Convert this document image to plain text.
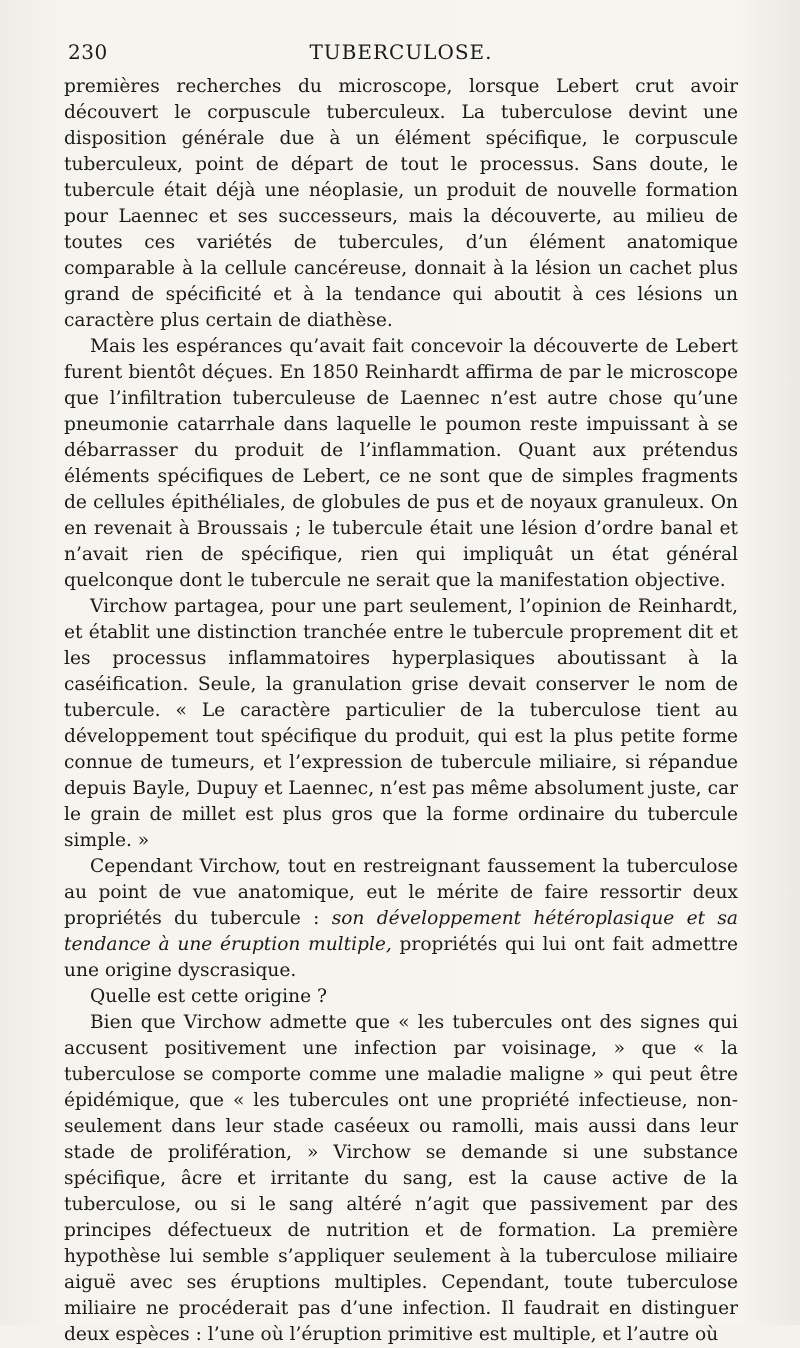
230	TUBERCULOSE.

premières recherches du microscope, lorsque Lebert crut avoir découvert le corpuscule tuberculeux. La tuberculose devint une disposition générale due à un élément spécifique, le corpuscule tuberculeux, point de départ de tout le processus. Sans doute, le tubercule était déjà une néoplasie, un produit de nouvelle formation pour Laennec et ses successeurs, mais la découverte, au milieu de toutes ces variétés de tubercules, d’un élément anatomique comparable à la cellule cancéreuse, donnait à la lésion un cachet plus grand de spécificité et à la tendance qui aboutit à ces lésions un caractère plus certain de diathèse.

Mais les espérances qu’avait fait concevoir la découverte de Lebert furent bientôt déçues. En 1850 Reinhardt affirma de par le microscope que l’infiltration tuberculeuse de Laennec n’est autre chose qu’une pneumonie catarrhale dans laquelle le poumon reste impuissant à se débarrasser du produit de l’inflammation. Quant aux prétendus éléments spécifiques de Lebert, ce ne sont que de simples fragments de cellules épithéliales, de globules de pus et de noyaux granuleux. On en revenait à Broussais ; le tubercule était une lésion d’ordre banal et n’avait rien de spécifique, rien qui impliquât un état général quelconque dont le tubercule ne serait que la manifestation objective.

Virchow partagea, pour une part seulement, l’opinion de Reinhardt, et établit une distinction tranchée entre le tubercule proprement dit et les processus inflammatoires hyperplasiques aboutissant à la caséification. Seule, la granulation grise devait conserver le nom de tubercule. « Le caractère particulier de la tuberculose tient au développement tout spécifique du produit, qui est la plus petite forme connue de tumeurs, et l’expression de tubercule miliaire, si répandue depuis Bayle, Dupuy et Laennec, n’est pas même absolument juste, car le grain de millet est plus gros que la forme ordinaire du tubercule simple. »

Cependant Virchow, tout en restreignant faussement la tuberculose au point de vue anatomique, eut le mérite de faire ressortir deux propriétés du tubercule : son développement hétéroplasique et sa tendance à une éruption multiple, propriétés qui lui ont fait admettre une origine dyscrasique.

Quelle est cette origine ?

Bien que Virchow admette que « les tubercules ont des signes qui accusent positivement une infection par voisinage, » que « la tuberculose se comporte comme une maladie maligne » qui peut être épidémique, que « les tubercules ont une propriété infectieuse, non-seulement dans leur stade caséeux ou ramolli, mais aussi dans leur stade de prolifération, » Virchow se demande si une substance spécifique, âcre et irritante du sang, est la cause active de la tuberculose, ou si le sang altéré n’agit que passivement par des principes défectueux de nutrition et de formation. La première hypothèse lui semble s’appliquer seulement à la tuberculose miliaire aiguë avec ses éruptions multiples. Cependant, toute tuberculose miliaire ne procéderait pas d’une infection. Il faudrait en distinguer deux espèces : l’une où l’éruption primitive est multiple, et l’autre où
